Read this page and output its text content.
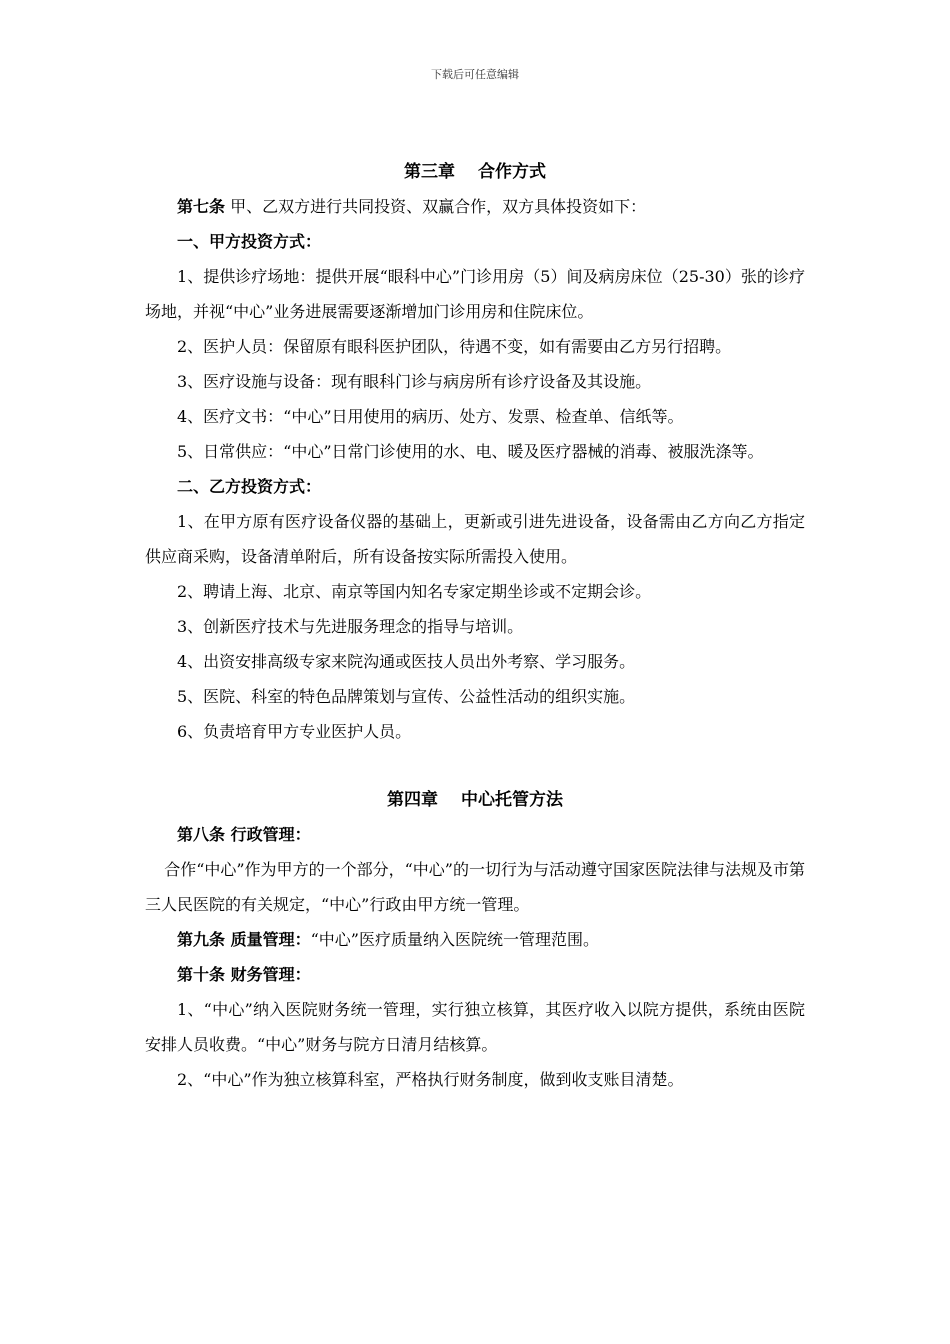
下载后可任意编辑

第三章　 合作方式

第七条 甲、乙双方进行共同投资、双赢合作，双方具体投资如下：

一、甲方投资方式：

1、提供诊疗场地：提供开展“眼科中心”门诊用房（5）间及病房床位（25-30）张的诊疗场地，并视“中心”业务进展需要逐渐增加门诊用房和住院床位。

2、医护人员：保留原有眼科医护团队，待遇不变，如有需要由乙方另行招聘。

3、医疗设施与设备：现有眼科门诊与病房所有诊疗设备及其设施。

4、医疗文书：“中心”日用使用的病历、处方、发票、检查单、信纸等。

5、日常供应：“中心”日常门诊使用的水、电、暖及医疗器械的消毒、被服洗涤等。

二、乙方投资方式：

1、在甲方原有医疗设备仪器的基础上，更新或引进先进设备，设备需由乙方向乙方指定供应商采购，设备清单附后，所有设备按实际所需投入使用。

2、聘请上海、北京、南京等国内知名专家定期坐诊或不定期会诊。

3、创新医疗技术与先进服务理念的指导与培训。

4、出资安排高级专家来院沟通或医技人员出外考察、学习服务。

5、医院、科室的特色品牌策划与宣传、公益性活动的组织实施。

6、负责培育甲方专业医护人员。

第四章　 中心托管方法

第八条 行政管理：

合作“中心”作为甲方的一个部分，“中心”的一切行为与活动遵守国家医院法律与法规及市第三人民医院的有关规定，“中心”行政由甲方统一管理。

第九条 质量管理：“中心”医疗质量纳入医院统一管理范围。

第十条 财务管理：

1、“中心”纳入医院财务统一管理，实行独立核算，其医疗收入以院方提供，系统由医院安排人员收费。“中心”财务与院方日清月结核算。

2、“中心”作为独立核算科室，严格执行财务制度，做到收支账目清楚。
